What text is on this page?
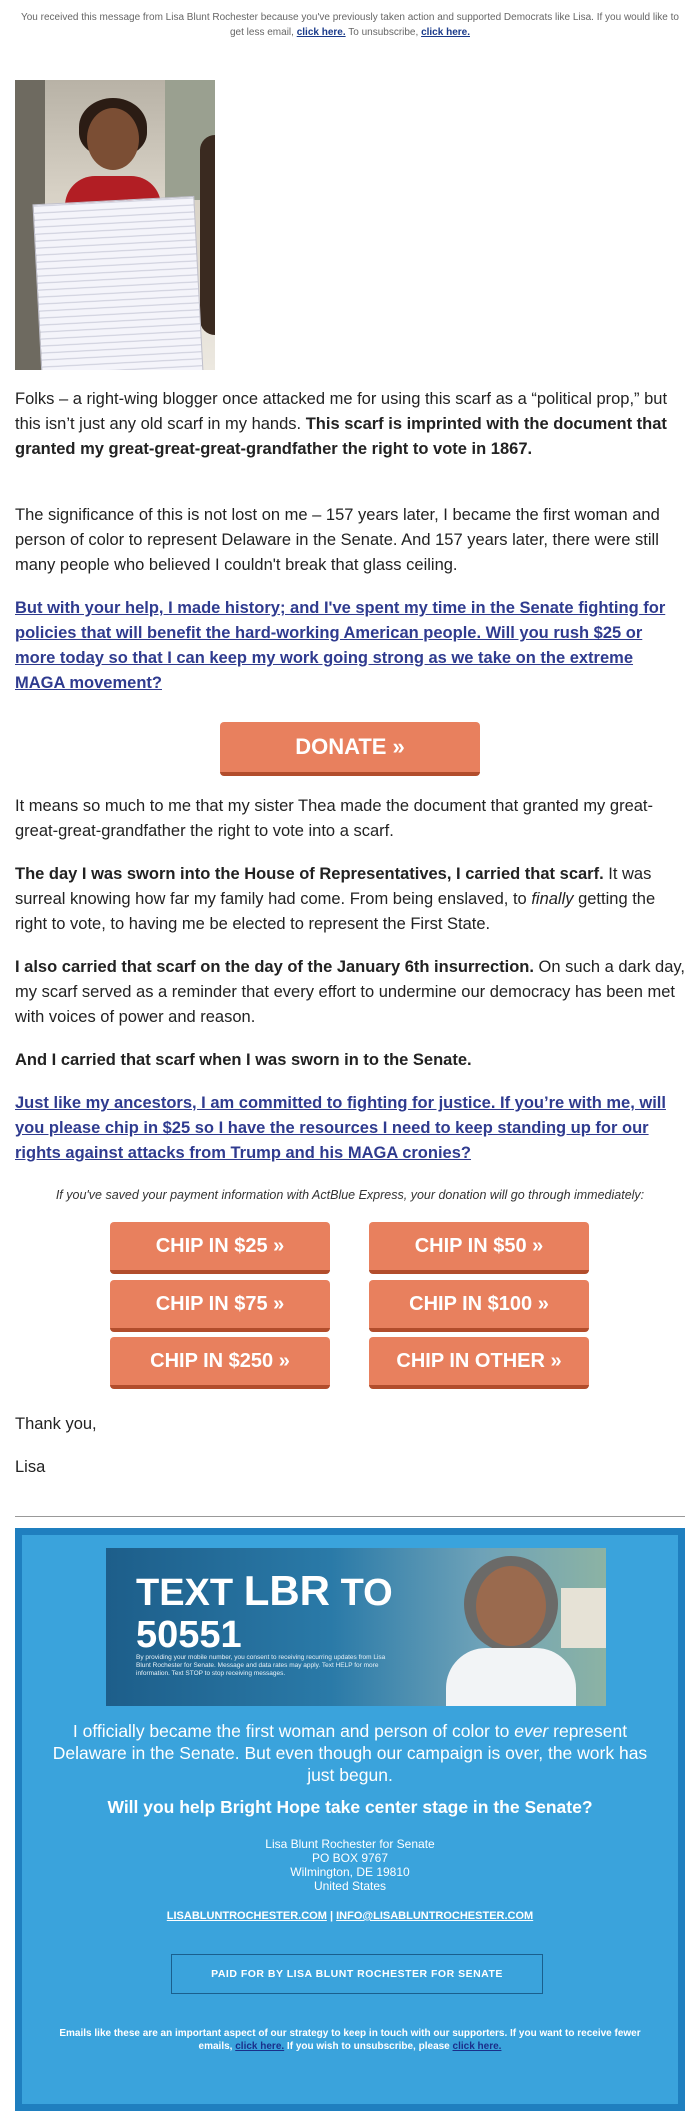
You received this message from Lisa Blunt Rochester because you've previously taken action and supported Democrats like Lisa. If you would like to get less email, click here. To unsubscribe, click here.

Folks – a right-wing blogger once attacked me for using this scarf as a “political prop,” but this isn’t just any old scarf in my hands. This scarf is imprinted with the document that granted my great-great-great-grandfather the right to vote in 1867.

The significance of this is not lost on me – 157 years later, I became the first woman and person of color to represent Delaware in the Senate. And 157 years later, there were still many people who believed I couldn't break that glass ceiling.

But with your help, I made history; and I've spent my time in the Senate fighting for policies that will benefit the hard-working American people. Will you rush $25 or more today so that I can keep my work going strong as we take on the extreme MAGA movement?

DONATE »

It means so much to me that my sister Thea made the document that granted my great-great-great-grandfather the right to vote into a scarf.

The day I was sworn into the House of Representatives, I carried that scarf. It was surreal knowing how far my family had come. From being enslaved, to finally getting the right to vote, to having me be elected to represent the First State.

I also carried that scarf on the day of the January 6th insurrection. On such a dark day, my scarf served as a reminder that every effort to undermine our democracy has been met with voices of power and reason.

And I carried that scarf when I was sworn in to the Senate.

Just like my ancestors, I am committed to fighting for justice. If you’re with me, will you please chip in $25 so I have the resources I need to keep standing up for our rights against attacks from Trump and his MAGA cronies?

If you've saved your payment information with ActBlue Express, your donation will go through immediately:
CHIP IN $25 »	CHIP IN $50 »
CHIP IN $75 »	CHIP IN $100 »
CHIP IN $250 »	CHIP IN OTHER »

Thank you,

Lisa

TEXT LBR TO
50551
By providing your mobile number, you consent to receiving recurring updates from Lisa Blunt Rochester for Senate. Message and data rates may apply. Text HELP for more information. Text STOP to stop receiving messages.
I officially became the first woman and person of color to ever represent Delaware in the Senate. But even though our campaign is over, the work has just begun.
Will you help Bright Hope take center stage in the Senate?
Lisa Blunt Rochester for Senate
PO BOX 9767
Wilmington, DE 19810
United States
LISABLUNTROCHESTER.COM | INFO@LISABLUNTROCHESTER.COM
PAID FOR BY LISA BLUNT ROCHESTER FOR SENATE
Emails like these are an important aspect of our strategy to keep in touch with our supporters. If you want to receive fewer emails, click here. If you wish to unsubscribe, please click here.
